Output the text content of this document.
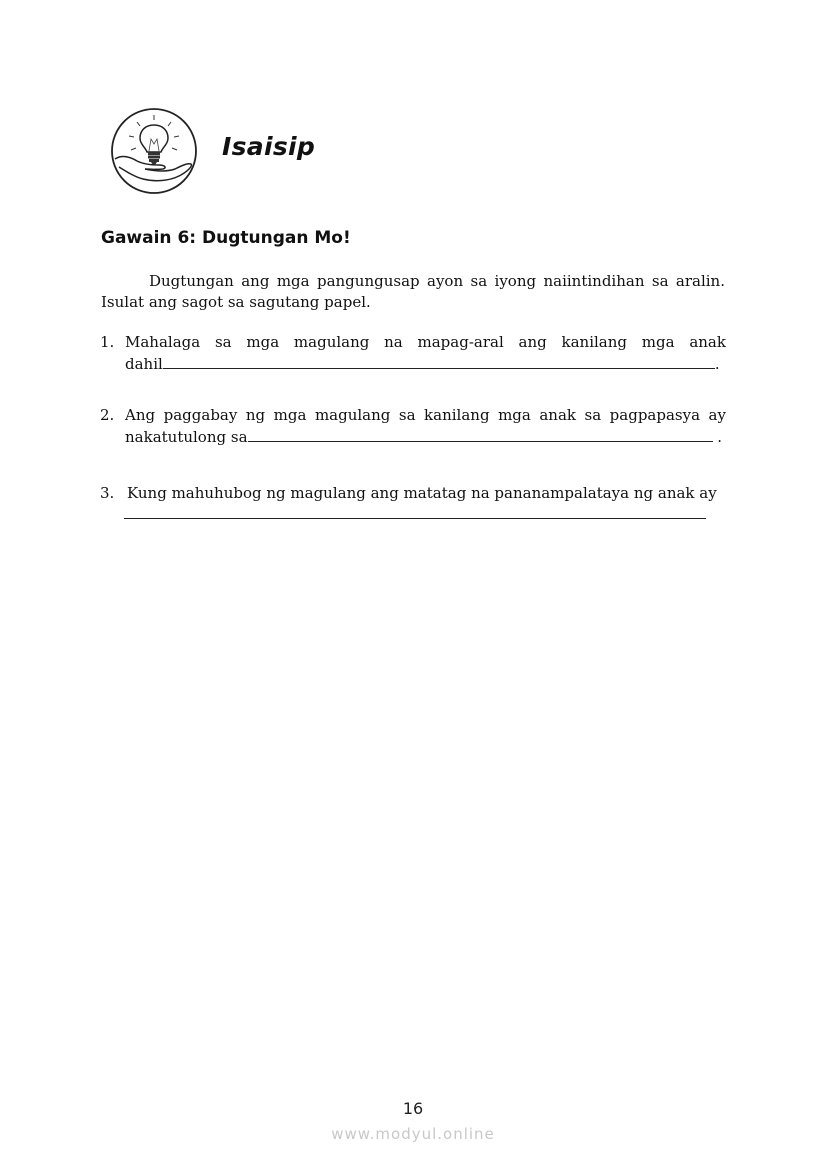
Isaisip
Gawain 6: Dugtungan Mo!

Dugtungan ang mga pangungusap ayon sa iyong naiintindihan sa aralin. Isulat ang sagot sa sagutang papel.

1. Mahalaga sa mga magulang na mapag-aral ang kanilang mga anak
dahil	.
2. Ang paggabay ng mga magulang sa kanilang mga anak sa pagpapasya ay
nakatutulong sa	.
3. Kung mahuhubog ng magulang ang matatag na pananampalataya ng anak ay
16
www.modyul.online
